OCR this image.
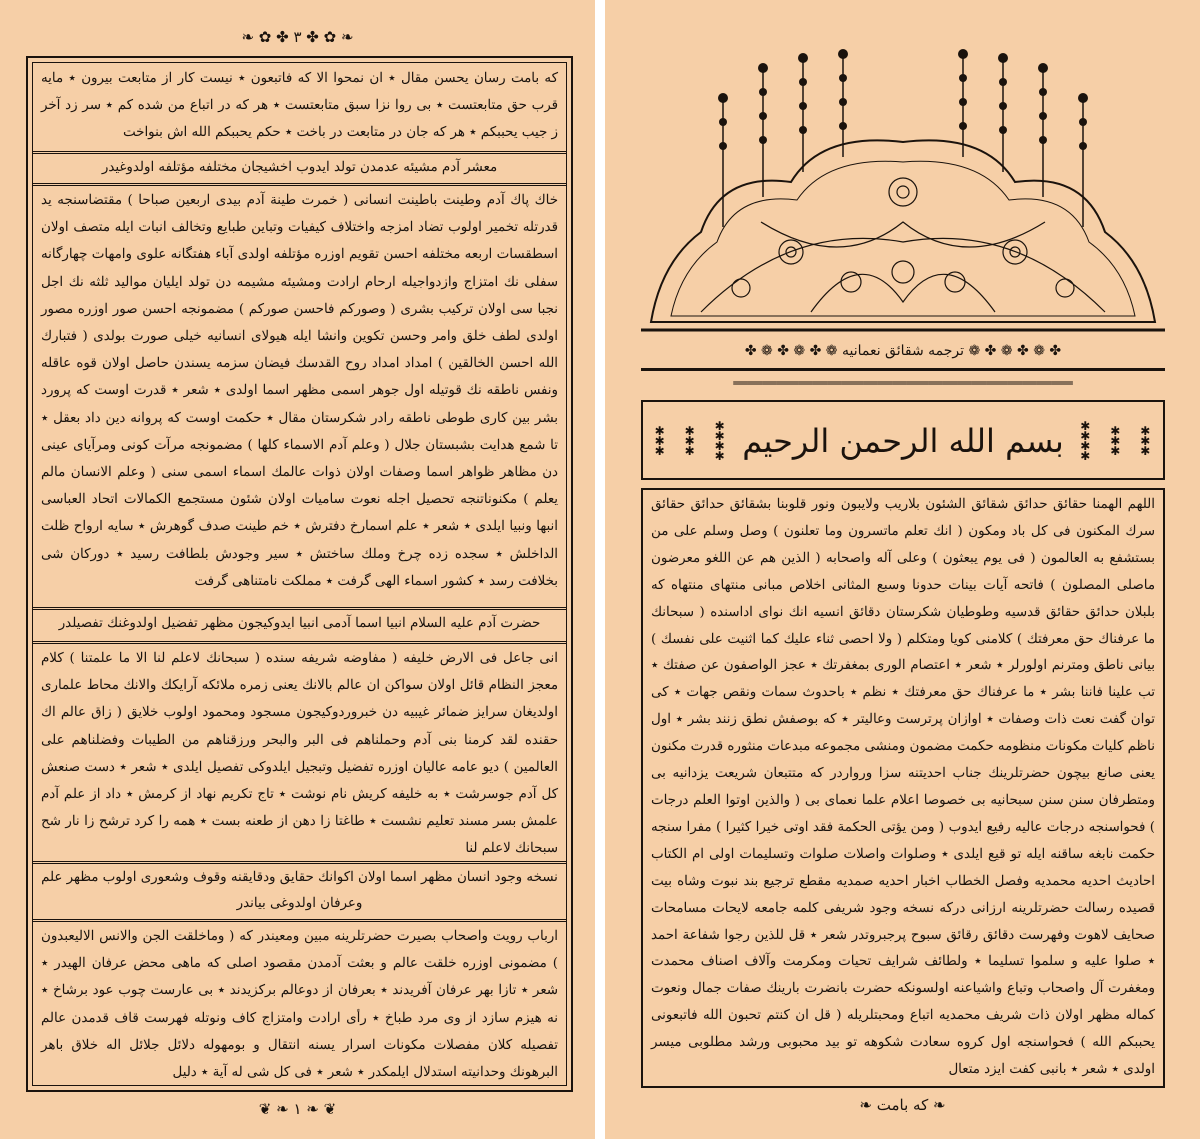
❧ ✿ ✤ ٣ ✤ ✿ ❧

كه بامت رسان يحسن مقال ٭ ان نمحوا الا كه فاتبعون ٭ نيست كار از متابعت بيرون ٭ مايه قرب حق متابعتست ٭ بى روا نزا سبق متابعتست ٭ هر كه در اتباع من شده كم ٭ سر زد آخر ز جيب يحببكم ٭ هر كه جان در متابعت در باخت ٭ حكم يحببكم الله اش بنواخت

معشر آدم مشيئه عدمدن تولد ايدوب اخشيجان مختلفه مؤتلفه اولدوغيدر

خاك پاك آدم وطينت باطينت انسانى ( خمرت طينة آدم بيدى اربعين صباحا ) مقتضاسنجه يد قدرتله تخمير اولوب تضاد امزجه واختلاف كيفيات وتباين طبايع وتخالف انبات ايله متصف اولان اسطقسات اربعه مختلفه احسن تقويم اوزره مؤتلفه اولدى آباء هفتگانه علوى وامهات چهارگانه سفلى نك امتزاج وازدواجيله ارحام ارادت ومشيئه مشيمه دن تولد ايليان مواليد ثلثه نك اجل نجبا سى اولان تركيب بشرى ( وصوركم فاحسن صوركم ) مضمونجه احسن صور اوزره مصور اولدى لطف خلق وامر وحسن تكوين وانشا ايله هيولاى انسانيه خيلى صورت بولدى ( فتبارك الله احسن الخالقين ) امداد امداد روح القدسك فيضان سزمه يسندن حاصل اولان قوه عاقله ونفس ناطقه نك قوتيله اول جوهر اسمى مظهر اسما اولدى ٭ شعر ٭ قدرت اوست كه پرورد بشر بين كارى طوطى ناطقه رادر شكرستان مقال ٭ حكمت اوست كه پروانه دين داد بعقل ٭ تا شمع هدايت بشبستان جلال ( وعلم آدم الاسماء كلها ) مضمونجه مرآت كونى ومرآياى عينى دن مظاهر ظواهر اسما وصفات اولان ذوات عالمك اسماء اسمى سنى ( وعلم الانسان مالم يعلم ) مكنوناتنجه تحصيل اجله نعوت ساميات اولان شئون مستجمع الكمالات اتحاد العباسى انبها ونبيا ايلدى ٭ شعر ٭ علم اسمارخ دفترش ٭ خم طينت صدف گوهرش ٭ سايه ارواح ظلت الداخلش ٭ سجده زده چرخ وملك ساختش ٭ سير وجودش بلطافت رسيد ٭ دوركان شى بخلافت رسد ٭ كشور اسماء الهى گرفت ٭ مملكت نامتناهى گرفت

حضرت آدم عليه السلام انبيا اسما آدمى انبيا ايدوكيجون مظهر تفضيل اولدوغنك تفصيلدر

انى جاعل فى الارض خليفه ( مفاوضه شريفه سنده ( سبحانك لاعلم لنا الا ما علمتنا ) كلام معجز النظام قائل اولان سواكن ان عالم بالانك يعنى زمره ملائكه آرايكك والانك محاط علمارى اولديغان سرايز ضمائر غيبيه دن خبروردوكيجون مسجود ومحمود اولوب خلايق ( زاق عالم اك حقنده لقد كرمنا بنى آدم وحملناهم فى البر والبحر ورزقناهم من الطيبات وفضلناهم على العالمين ) ديو عامه عاليان اوزره تفضيل وتبجيل ايلدوكى تفصيل ايلدى ٭ شعر ٭ دست صنعش كل آدم جوسرشت ٭ به خليفه كريش نام نوشت ٭ تاج تكريم نهاد از كرمش ٭ داد از علم آدم علمش بسر مسند تعليم نشست ٭ طاغتا زا دهن از طعنه بست ٭ همه را كرد ترشح زا نار شح سبحانك لاعلم لنا

نسخه وجود انسان مظهر اسما اولان اكوانك حقايق ودقايقنه وقوف وشعورى اولوب مظهر علم وعرفان اولدوغى بياندر

ارباب رويت واصحاب بصيرت حضرتلرينه مبين ومعيندر كه ( وماخلقت الجن والانس الاليعبدون ) مضمونى اوزره خلقت عالم و بعثت آدمدن مقصود اصلى كه ماهى محض عرفان الهيدر ٭ شعر ٭ تازا بهر عرفان آفريدند ٭ بعرفان از دوعالم بركزيدند ٭ بى عارست چوب عود برشاخ ٭ نه هيزم سازد از وى مرد طباخ ٭ رأى ارادت وامتزاج كاف ونوتله فهرست قاف قدمدن عالم تفصيله كلان مفصلات مكونات اسرار يسنه انتقال و بومهوله دلائل جلائل اله خلاق باهر البرهونك وحدانيته استدلال ايلمكدر ٭ شعر ٭ فى كل شى له آية ٭ دليل

❦ ❧ ١ ❧ ❦
✤ ❁ ✤ ❁ ✤ ❁ ترجمه شقائق نعمانيه ❁ ✤ ❁ ✤ ❁ ✤
═══════════════════════════════════════════════
✱
✱
✱
✱
✱
✱
✱
✱
✱
✱
بسم الله الرحمن الرحيم
✱
✱
✱
✱
✱
✱
✱
✱
✱
✱

اللهم الهمنا حقائق حدائق شقائق الشئون بلاريب ولايبون ونور قلوبنا بشقائق حدائق حقائق سرك المكنون فى كل باد ومكون ( انك تعلم ماتسرون وما تعلنون ) وصل وسلم على من بستشفع به العالمون ( فى يوم يبعثون ) وعلى آله واصحابه ( الذين هم عن اللغو معرضون ماصلى المصلون ) فاتحه آيات بينات حدونا وسبع المثانى اخلاص مبانى منتهاى منتهاه كه بلبلان حدائق حقائق قدسيه وطوطيان شكرستان دقائق انسيه انك نواى اداسنده ( سبحانك ما عرفناك حق معرفتك ) كلامنى كويا ومتكلم ( ولا احصى ثناء عليك كما اثنيت على نفسك ) بيانى ناطق ومترنم اولورلر ٭ شعر ٭ اعتصام الورى بمغفرتك ٭ عجز الواصفون عن صفتك ٭ تب علينا فاننا بشر ٭ ما عرفناك حق معرفتك ٭ نظم ٭ باحدوث سمات ونقص جهات ٭ كى توان گفت نعت ذات وصفات ٭ اوازان پرترست وعاليتر ٭ كه بوصفش نطق زنند بشر ٭ اول ناظم كليات مكونات منظومه حكمت مضمون ومنشى مجموعه مبدعات منثوره قدرت مكنون يعنى صانع بيچون حضرتلرينك جناب احديتنه سزا ورواردر كه متتبعان شريعت يزدانيه بى ومتطرفان سنن سنن سبحانيه بى خصوصا اعلام علما نعماى بى ( والذين اوتوا العلم درجات ) فحواسنجه درجات عاليه رفيع ايدوب ( ومن يؤتى الحكمة فقد اوتى خيرا كثيرا ) مفرا سنجه حكمت نابغه ساقنه ايله تو قيع ايلدى ٭ وصلوات واصلات صلوات وتسليمات اولى ام الكتاب احاديث احديه محمديه وفصل الخطاب اخبار احديه صمديه مقطع ترجيع بند نبوت وشاه بيت قصيده رسالت حضرتلرينه ارزانى دركه نسخه وجود شريفى كلمه جامعه لايحات مسامحات صحايف لاهوت وفهرست دقائق رقائق سبوح پرجبروتدر شعر ٭ قل للذين رجوا شفاعة احمد ٭ صلوا عليه و سلموا تسليما ٭ ولطائف شرايف تحيات ومكرمت وآلاف اصناف محمدت ومغفرت آل واصحاب وتباع واشياعنه اولسونكه حضرت بانضرت بارينك صفات جمال ونعوت كماله مظهر اولان ذات شريف محمديه اتباع ومحبتلريله ( قل ان كنتم تحبون الله فاتبعونى يحببكم الله ) فحواسنجه اول كروه سعادت شكوهه تو بيد محبوبى ورشد مطلوبى ميسر اولدى ٭ شعر ٭ بانبى كفت ايزد متعال

❧ كه بامت ❧
